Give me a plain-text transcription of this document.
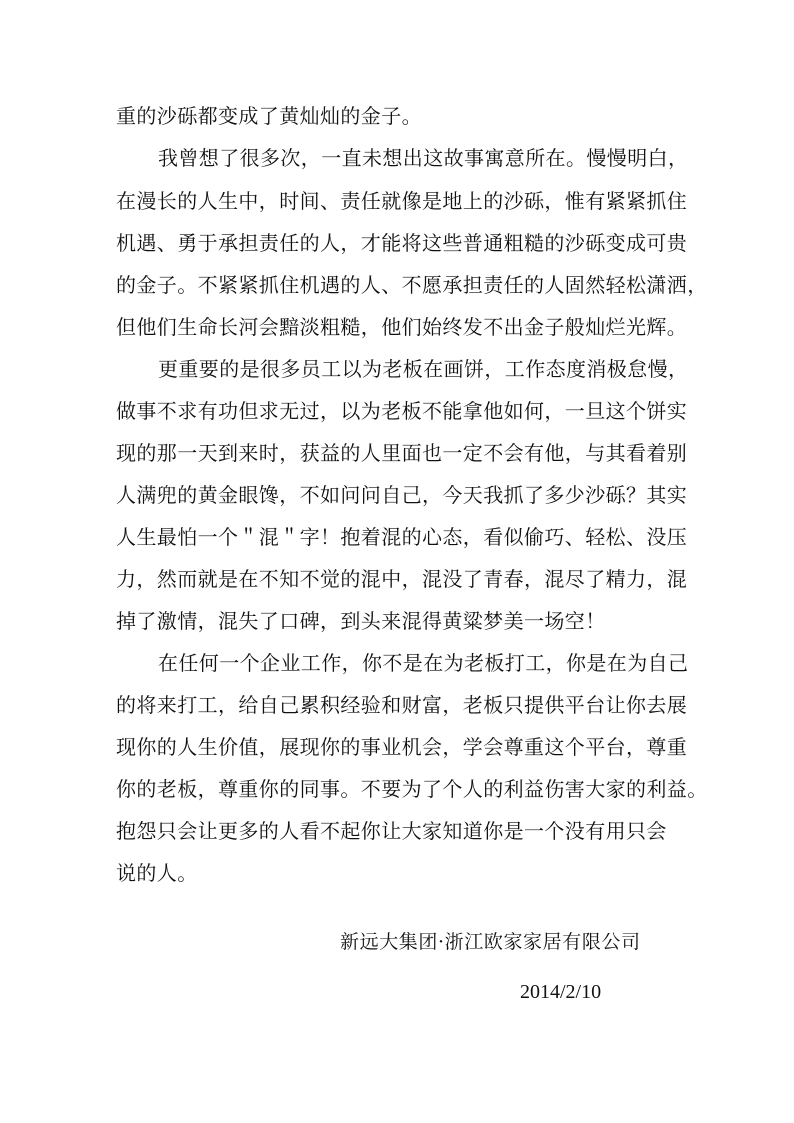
重的沙砾都变成了黄灿灿的金子。
我曾想了很多次，一直未想出这故事寓意所在。慢慢明白，
在漫长的人生中，时间、责任就像是地上的沙砾，惟有紧紧抓住
机遇、勇于承担责任的人，才能将这些普通粗糙的沙砾变成可贵
的金子。不紧紧抓住机遇的人、不愿承担责任的人固然轻松潇洒，
但他们生命长河会黯淡粗糙，他们始终发不出金子般灿烂光辉。
更重要的是很多员工以为老板在画饼，工作态度消极怠慢，
做事不求有功但求无过，以为老板不能拿他如何，一旦这个饼实
现的那一天到来时，获益的人里面也一定不会有他，与其看着别
人满兜的黄金眼馋，不如问问自己，今天我抓了多少沙砾？其实
人生最怕一个＂混＂字！抱着混的心态，看似偷巧、轻松、没压
力，然而就是在不知不觉的混中，混没了青春，混尽了精力，混
掉了激情，混失了口碑，到头来混得黄粱梦美一场空！
在任何一个企业工作，你不是在为老板打工，你是在为自己
的将来打工，给自己累积经验和财富，老板只提供平台让你去展
现你的人生价值，展现你的事业机会，学会尊重这个平台，尊重
你的老板，尊重你的同事。不要为了个人的利益伤害大家的利益。
抱怨只会让更多的人看不起你让大家知道你是一个没有用只会
说的人。
新远大集团·浙江欧家家居有限公司
2014/2/10
